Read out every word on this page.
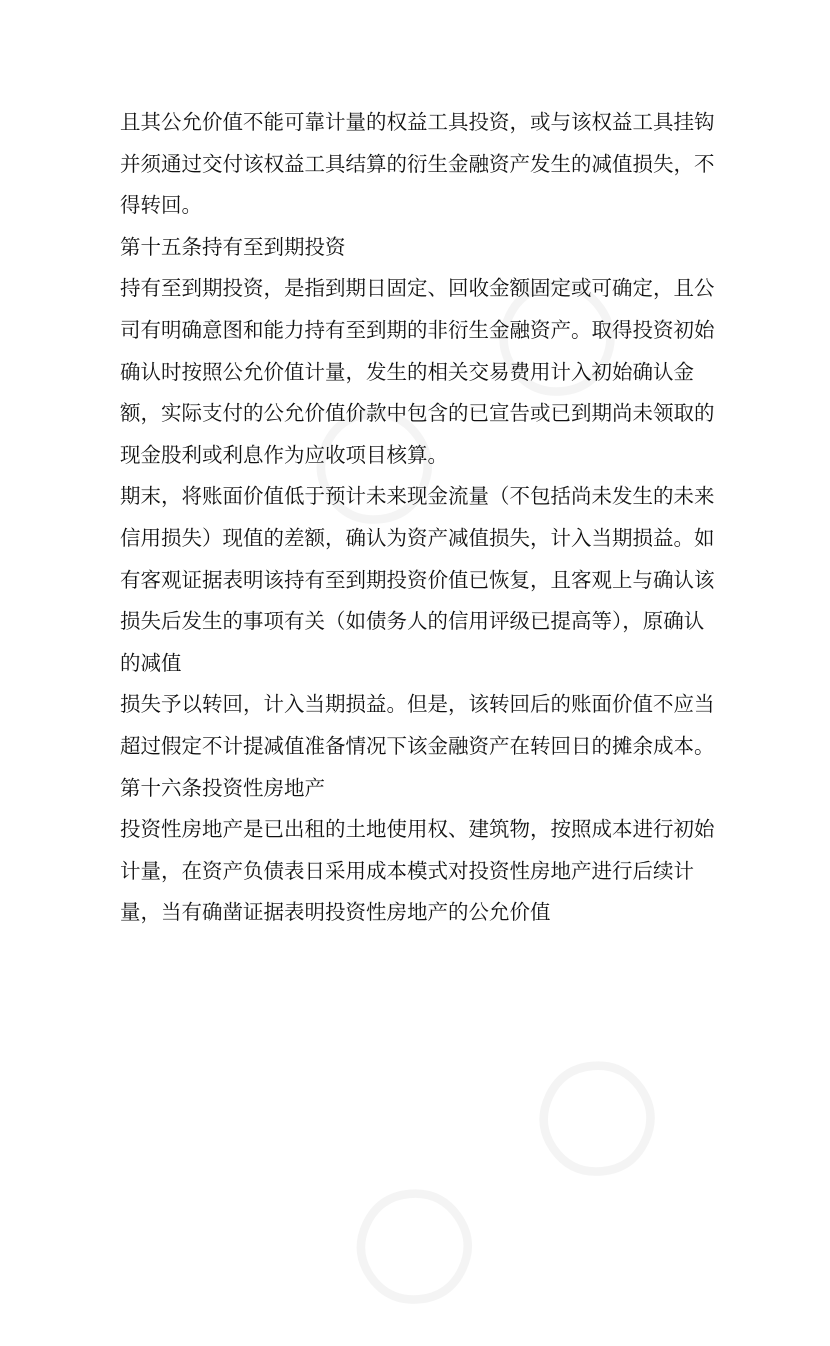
且其公允价值不能可靠计量的权益工具投资，或与该权益工具挂钩并须通过交付该权益工具结算的衍生金融资产发生的减值损失，不得转回。

第十五条持有至到期投资

持有至到期投资，是指到期日固定、回收金额固定或可确定，且公司有明确意图和能力持有至到期的非衍生金融资产。取得投资初始确认时按照公允价值计量，发生的相关交易费用计入初始确认金额，实际支付的公允价值价款中包含的已宣告或已到期尚未领取的现金股利或利息作为应收项目核算。

期末，将账面价值低于预计未来现金流量（不包括尚未发生的未来信用损失）现值的差额，确认为资产减值损失，计入当期损益。如有客观证据表明该持有至到期投资价值已恢复，且客观上与确认该损失后发生的事项有关（如债务人的信用评级已提高等），原确认的减值

损失予以转回，计入当期损益。但是，该转回后的账面价值不应当超过假定不计提减值准备情况下该金融资产在转回日的摊余成本。

第十六条投资性房地产

投资性房地产是已出租的土地使用权、建筑物，按照成本进行初始计量，在资产负债表日采用成本模式对投资性房地产进行后续计量，当有确凿证据表明投资性房地产的公允价值
